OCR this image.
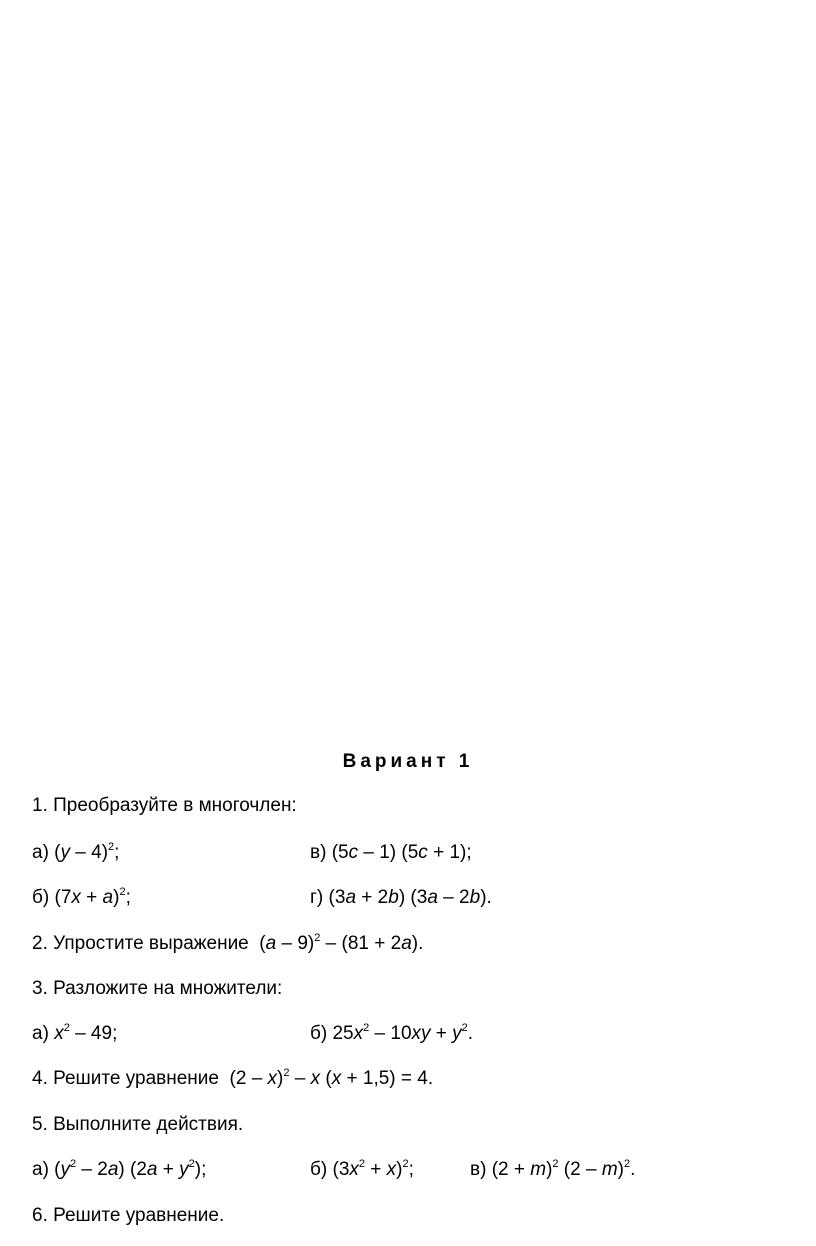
Вариант 1
1. Преобразуйте в многочлен:
а) (y – 4)$^2$;	в) (5c – 1) (5c + 1);
б) $(7x + a)^2$;	г) (3a + 2b) (3a – 2b).
2. Упростите выражение  (a – 9)$^2$ – (81 + 2a).
3. Разложите на множители:
а) $x^2 - 49$;	б) $25x^2 - 10xy + y^2$.
4. Решите уравнение  (2 – x)$^2$ – x (x + 1,5) = 4.
5. Выполните действия.
а) $(y^2 - 2a) (2a + y^2)$;	б) $(3x^2 + x)^2$;	в) $(2 + m)^2$ (2 – m)$^2$.
6. Решите уравнение.
